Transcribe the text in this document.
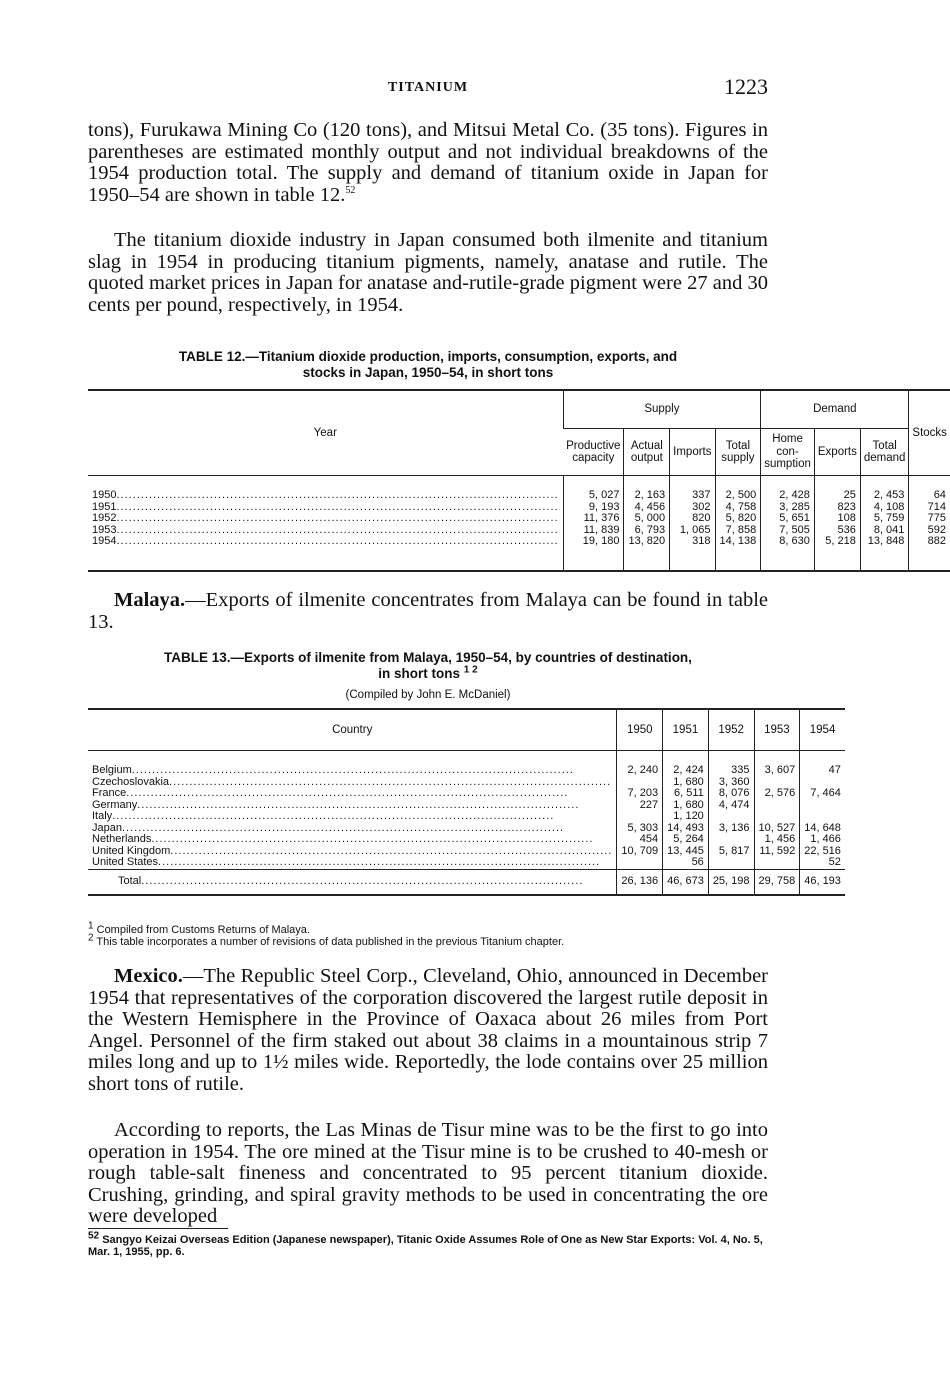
TITANIUM	1223

tons), Furukawa Mining Co (120 tons), and Mitsui Metal Co. (35 tons). Figures in parentheses are estimated monthly output and not individual breakdowns of the 1954 production total. The supply and demand of titanium oxide in Japan for 1950–54 are shown in table 12.52

The titanium dioxide industry in Japan consumed both ilmenite and titanium slag in 1954 in producing titanium pigments, namely, anatase and rutile. The quoted market prices in Japan for anatase and-rutile-grade pigment were 27 and 30 cents per pound, respectively, in 1954.

TABLE 12.—Titanium dioxide production, imports, consumption, exports, and
stocks in Japan, 1950–54, in short tons
Year	Supply				Demand			Stocks
	Productive capacity	Actual output	Imports	Total supply	Home con- sumption	Exports	Total demand	

1950 .....	5, 027	2, 163	337	2, 500	2, 428	25	2, 453	64
1951 .....	9, 193	4, 456	302	4, 758	3, 285	823	4, 108	714
1952 .....	11, 376	5, 000	820	5, 820	5, 651	108	5, 759	775
1953 .....	11, 839	6, 793	1, 065	7, 858	7, 505	536	8, 041	592
1954 .....	19, 180	13, 820	318	14, 138	8, 630	5, 218	13, 848	882

Malaya.—Exports of ilmenite concentrates from Malaya can be found in table 13.

TABLE 13.—Exports of ilmenite from Malaya, 1950–54, by countries of destination,
in short tons $^{1 2}$
(Compiled by John E. McDaniel)
Country	1950	1951	1952	1953	1954

Belgium .....	2, 240	2, 424	335	3, 607	47
Czechoslovakia .....		1, 680	3, 360		
France .....	7, 203	6, 511	8, 076	2, 576	7, 464
Germany .....	227	1, 680	4, 474		
Italy .....		1, 120			
Japan .....	5, 303	14, 493	3, 136	10, 527	14, 648
Netherlands .....	454	5, 264		1, 456	1, 466
United Kingdom .....	10, 709	13, 445	5, 817	11, 592	22, 516
United States .....		56			52
Total .....	26, 136	46, 673	25, 198	29, 758	46, 193
1 Compiled from Customs Returns of Malaya.
2 This table incorporates a number of revisions of data published in the previous Titanium chapter.

Mexico.—The Republic Steel Corp., Cleveland, Ohio, announced in December 1954 that representatives of the corporation discovered the largest rutile deposit in the Western Hemisphere in the Province of Oaxaca about 26 miles from Port Angel. Personnel of the firm staked out about 38 claims in a mountainous strip 7 miles long and up to 1½ miles wide. Reportedly, the lode contains over 25 million short tons of rutile.

According to reports, the Las Minas de Tisur mine was to be the first to go into operation in 1954. The ore mined at the Tisur mine is to be crushed to 40-mesh or rough table-salt fineness and concentrated to 95 percent titanium dioxide. Crushing, grinding, and spiral gravity methods to be used in concentrating the ore were developed

52 Sangyo Keizai Overseas Edition (Japanese newspaper), Titanic Oxide Assumes Role of One as New Star Exports: Vol. 4, No. 5, Mar. 1, 1955, pp. 6.
